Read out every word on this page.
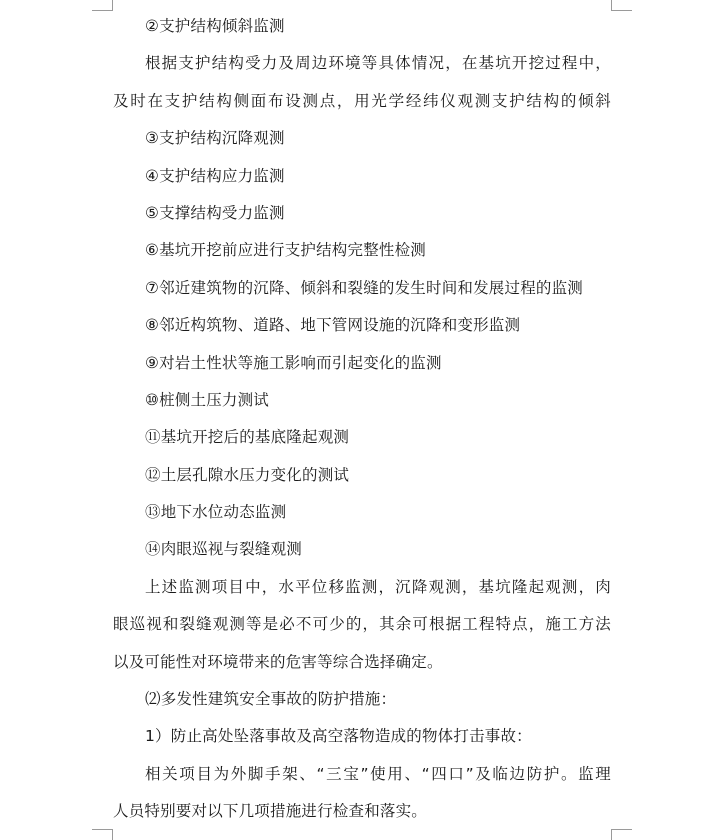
②支护结构倾斜监测
根据支护结构受力及周边环境等具体情况，在基坑开挖过程中，
及时在支护结构侧面布设测点，用光学经纬仪观测支护结构的倾斜
③支护结构沉降观测
④支护结构应力监测
⑤支撑结构受力监测
⑥基坑开挖前应进行支护结构完整性检测
⑦邻近建筑物的沉降、倾斜和裂缝的发生时间和发展过程的监测
⑧邻近构筑物、道路、地下管网设施的沉降和变形监测
⑨对岩土性状等施工影响而引起变化的监测
⑩桩侧土压力测试
⑪基坑开挖后的基底隆起观测
⑫土层孔隙水压力变化的测试
⑬地下水位动态监测
⑭肉眼巡视与裂缝观测
上述监测项目中，水平位移监测，沉降观测，基坑隆起观测，肉
眼巡视和裂缝观测等是必不可少的，其余可根据工程特点，施工方法
以及可能性对环境带来的危害等综合选择确定。
⑵多发性建筑安全事故的防护措施：
1）防止高处坠落事故及高空落物造成的物体打击事故：
相关项目为外脚手架、“三宝”使用、“四口”及临边防护。监理
人员特别要对以下几项措施进行检查和落实。
